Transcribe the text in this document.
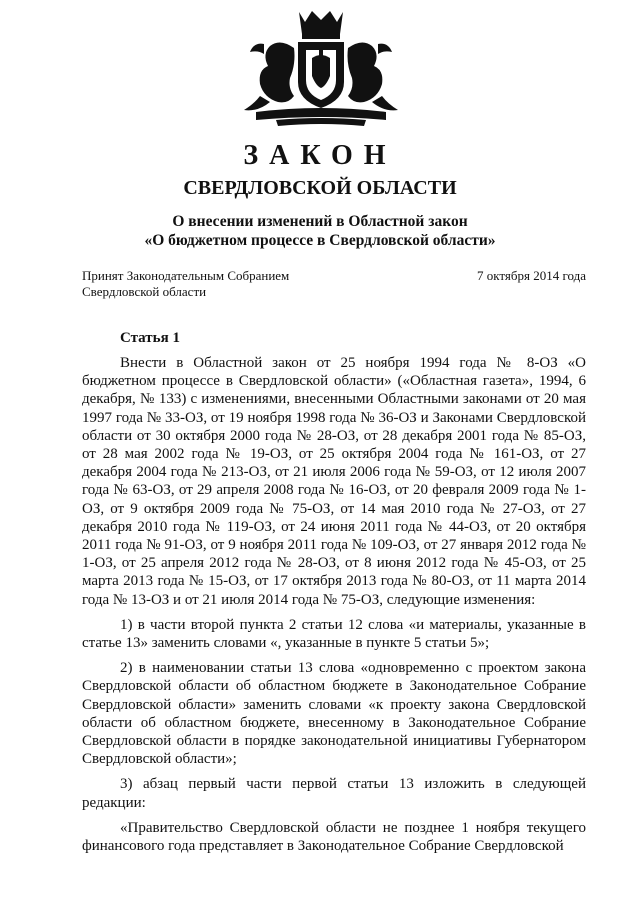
ЗАКОН
СВЕРДЛОВСКОЙ ОБЛАСТИ
О внесении изменений в Областной закон
«О бюджетном процессе в Свердловской области»
Принят Законодательным Собранием
Свердловской области
7 октября 2014 года
Статья 1

Внести в Областной закон от 25 ноября 1994 года № 8-ОЗ «О бюджетном процессе в Свердловской области» («Областная газета», 1994, 6 декабря, № 133) с изменениями, внесенными Областными законами от 20 мая 1997 года № 33-ОЗ, от 19 ноября 1998 года № 36-ОЗ и Законами Свердловской области от 30 октября 2000 года № 28-ОЗ, от 28 декабря 2001 года № 85-ОЗ, от 28 мая 2002 года № 19-ОЗ, от 25 октября 2004 года № 161-ОЗ, от 27 декабря 2004 года № 213-ОЗ, от 21 июля 2006 года № 59-ОЗ, от 12 июля 2007 года № 63-ОЗ, от 29 апреля 2008 года № 16-ОЗ, от 20 февраля 2009 года № 1-ОЗ, от 9 октября 2009 года № 75-ОЗ, от 14 мая 2010 года № 27-ОЗ, от 27 декабря 2010 года № 119-ОЗ, от 24 июня 2011 года № 44-ОЗ, от 20 октября 2011 года № 91-ОЗ, от 9 ноября 2011 года № 109-ОЗ, от 27 января 2012 года № 1-ОЗ, от 25 апреля 2012 года № 28-ОЗ, от 8 июня 2012 года № 45-ОЗ, от 25 марта 2013 года № 15-ОЗ, от 17 октября 2013 года № 80-ОЗ, от 11 марта 2014 года № 13-ОЗ и от 21 июля 2014 года № 75-ОЗ, следующие изменения:

1) в части второй пункта 2 статьи 12 слова «и материалы, указанные в статье 13» заменить словами «, указанные в пункте 5 статьи 5»;

2) в наименовании статьи 13 слова «одновременно с проектом закона Свердловской области об областном бюджете в Законодательное Собрание Свердловской области» заменить словами «к проекту закона Свердловской области об областном бюджете, внесенному в Законодательное Собрание Свердловской области в порядке законодательной инициативы Губернатором Свердловской области»;

3) абзац первый части первой статьи 13 изложить в следующей редакции:

«Правительство Свердловской области не позднее 1 ноября текущего финансового года представляет в Законодательное Собрание Свердловской
